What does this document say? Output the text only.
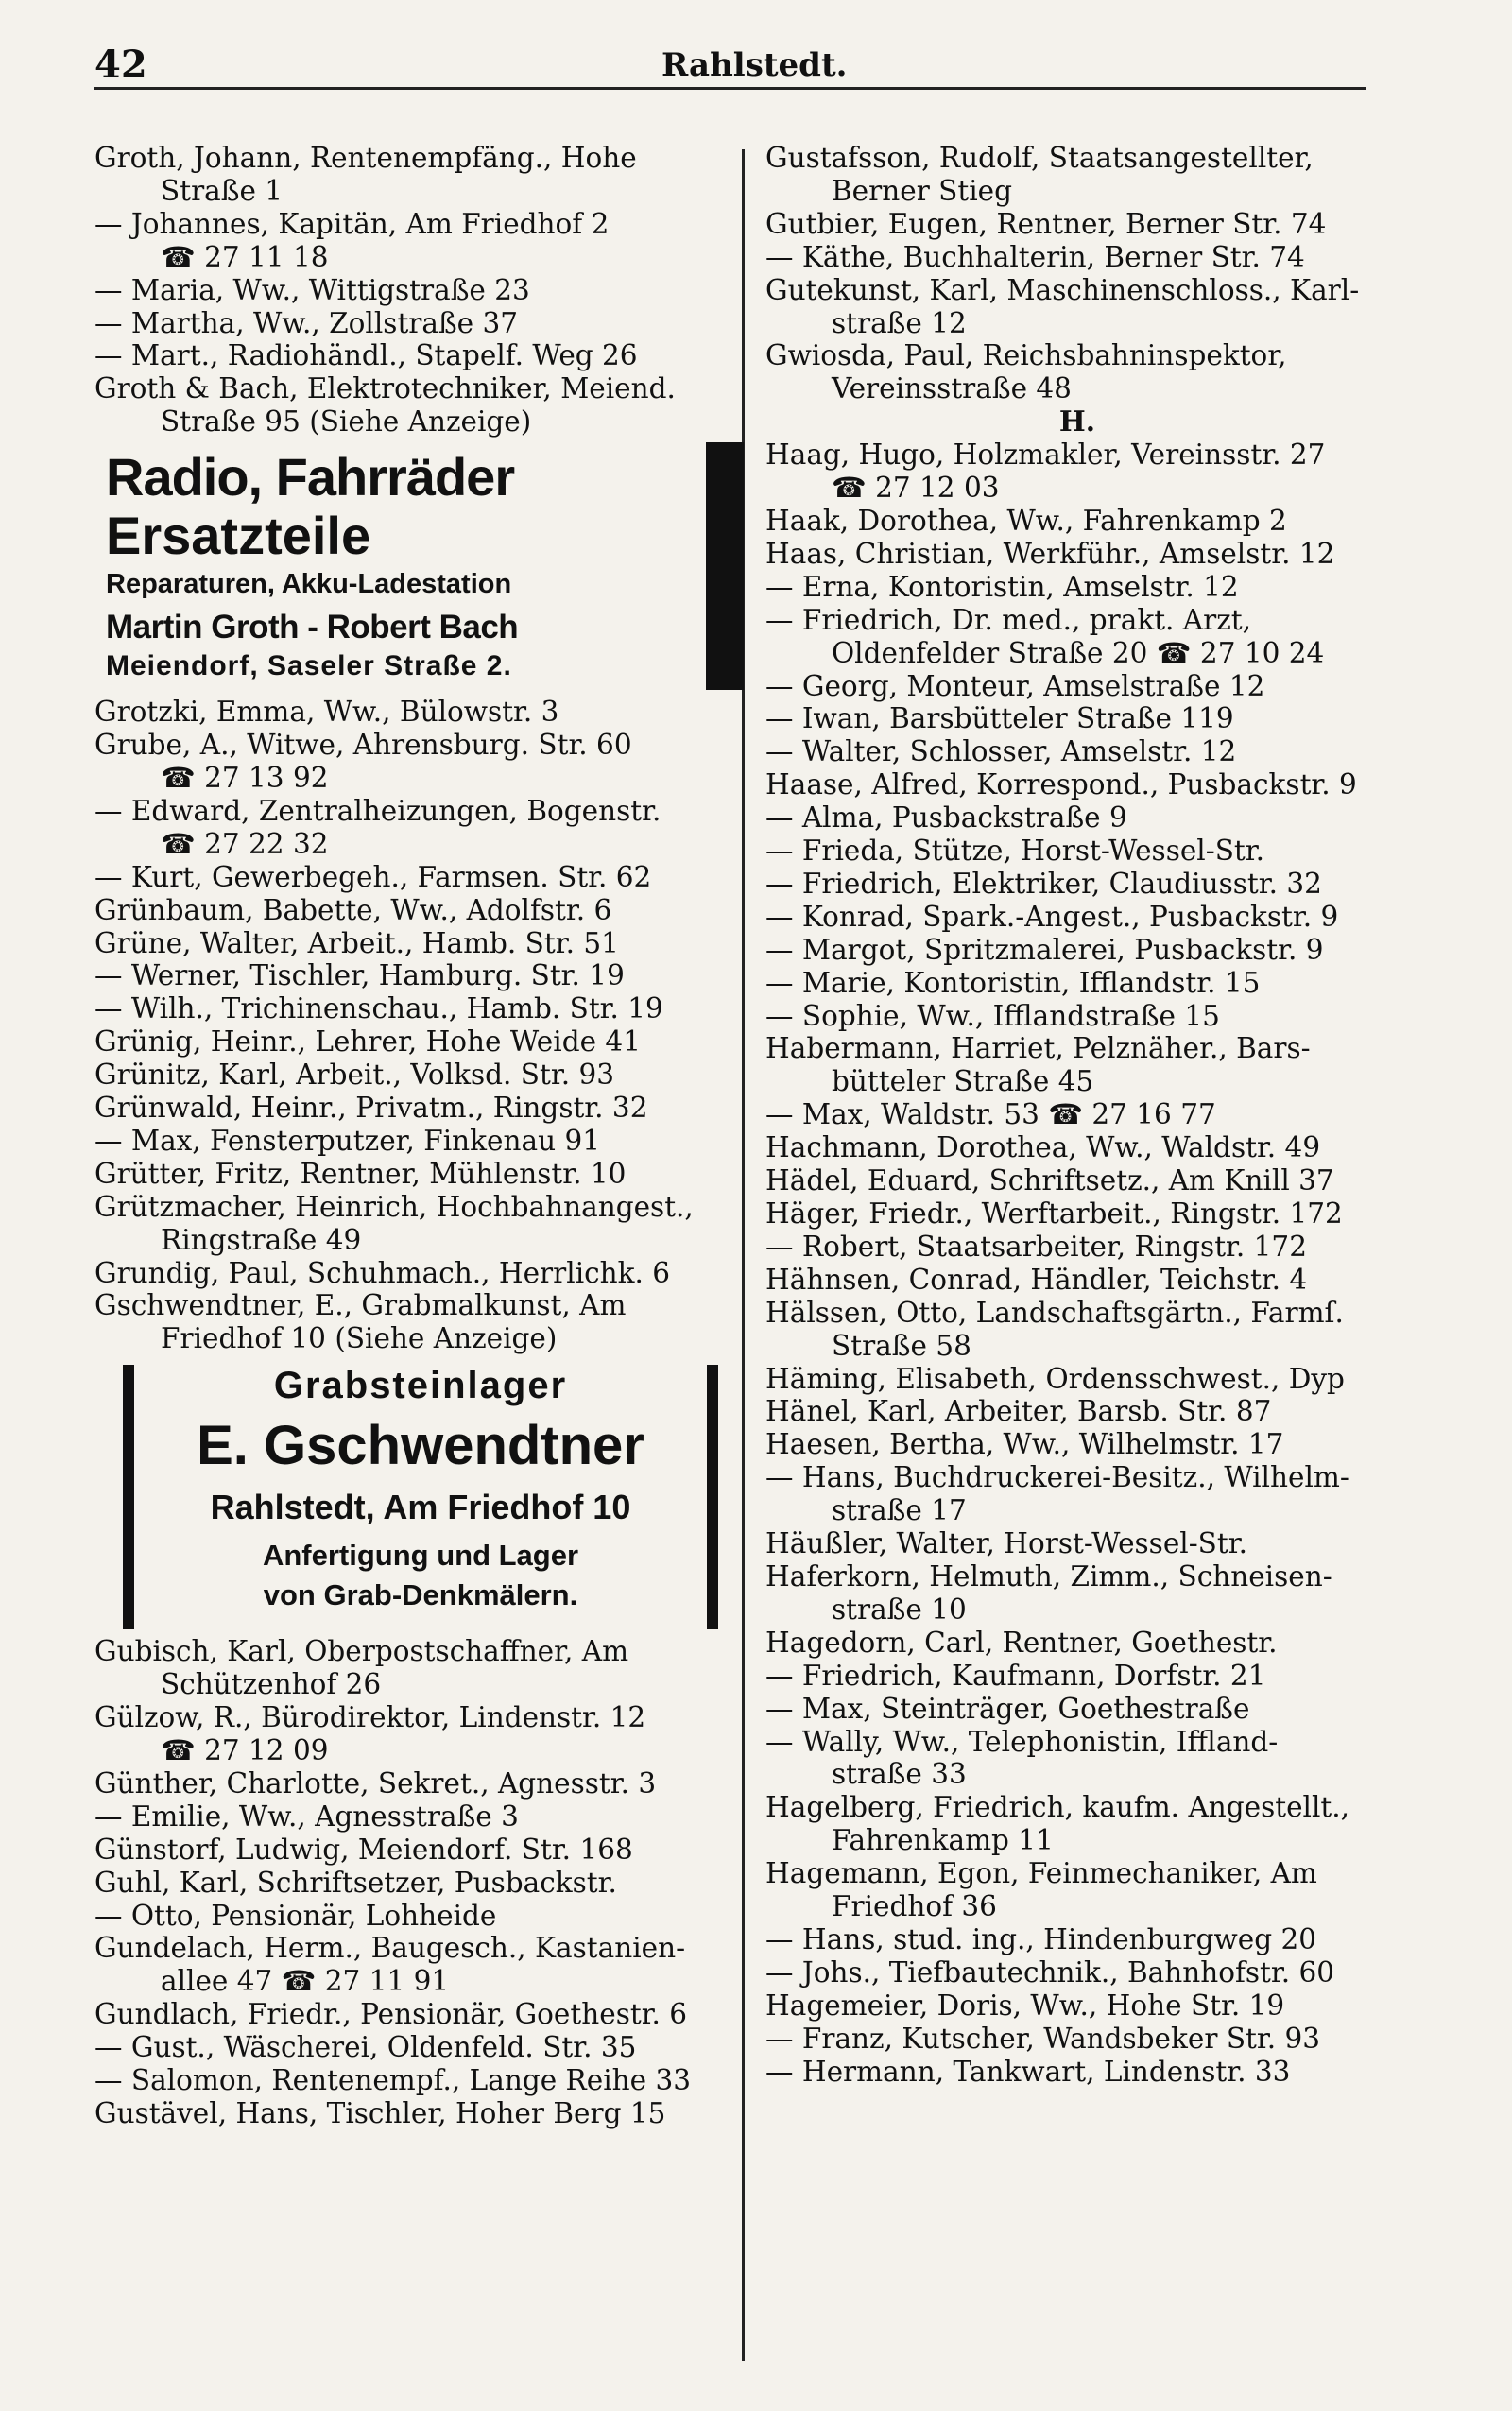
42	Rahlstedt.
Groth, Johann, Rentenempfäng., Hohe
Straße 1
— Johannes, Kapitän, Am Friedhof 2
☎ 27 11 18
— Maria, Ww., Wittigstraße 23
— Martha, Ww., Zollstraße 37
— Mart., Radiohändl., Stapelf. Weg 26
Groth & Bach, Elektrotechniker, Meiend.
Straße 95 (Siehe Anzeige)
Radio, Fahrräder
Ersatzteile
Reparaturen, Akku-Ladestation
Martin Groth - Robert Bach
Meiendorf, Saseler Straße 2.
Grotzki, Emma, Ww., Bülowstr. 3
Grube, A., Witwe, Ahrensburg. Str. 60
☎ 27 13 92
— Edward, Zentralheizungen, Bogenstr.
☎ 27 22 32
— Kurt, Gewerbegeh., Farmsen. Str. 62
Grünbaum, Babette, Ww., Adolfstr. 6
Grüne, Walter, Arbeit., Hamb. Str. 51
— Werner, Tischler, Hamburg. Str. 19
— Wilh., Trichinenschau., Hamb. Str. 19
Grünig, Heinr., Lehrer, Hohe Weide 41
Grünitz, Karl, Arbeit., Volksd. Str. 93
Grünwald, Heinr., Privatm., Ringstr. 32
— Max, Fensterputzer, Finkenau 91
Grütter, Fritz, Rentner, Mühlenstr. 10
Grützmacher, Heinrich, Hochbahnangest.,
Ringstraße 49
Grundig, Paul, Schuhmach., Herrlichk. 6
Gschwendtner, E., Grabmalkunst, Am
Friedhof 10 (Siehe Anzeige)
Grabsteinlager
E. Gschwendtner
Rahlstedt, Am Friedhof 10
Anfertigung und Lager
von Grab-Denkmälern.
Gubisch, Karl, Oberpostschaffner, Am
Schützenhof 26
Gülzow, R., Bürodirektor, Lindenstr. 12
☎ 27 12 09
Günther, Charlotte, Sekret., Agnesstr. 3
— Emilie, Ww., Agnesstraße 3
Günstorf, Ludwig, Meiendorf. Str. 168
Guhl, Karl, Schriftsetzer, Pusbackstr.
— Otto, Pensionär, Lohheide
Gundelach, Herm., Baugesch., Kastanien-
allee 47 ☎ 27 11 91
Gundlach, Friedr., Pensionär, Goethestr. 6
— Gust., Wäscherei, Oldenfeld. Str. 35
— Salomon, Rentenempf., Lange Reihe 33
Gustävel, Hans, Tischler, Hoher Berg 15
Gustafsson, Rudolf, Staatsangestellter,
Berner Stieg
Gutbier, Eugen, Rentner, Berner Str. 74
— Käthe, Buchhalterin, Berner Str. 74
Gutekunst, Karl, Maschinenschloss., Karl-
straße 12
Gwiosda, Paul, Reichsbahninspektor,
Vereinsstraße 48
H.
Haag, Hugo, Holzmakler, Vereinsstr. 27
☎ 27 12 03
Haak, Dorothea, Ww., Fahrenkamp 2
Haas, Christian, Werkführ., Amselstr. 12
— Erna, Kontoristin, Amselstr. 12
— Friedrich, Dr. med., prakt. Arzt,
Oldenfelder Straße 20 ☎ 27 10 24
— Georg, Monteur, Amselstraße 12
— Iwan, Barsbütteler Straße 119
— Walter, Schlosser, Amselstr. 12
Haase, Alfred, Korrespond., Pusbackstr. 9
— Alma, Pusbackstraße 9
— Frieda, Stütze, Horst-Wessel-Str.
— Friedrich, Elektriker, Claudiusstr. 32
— Konrad, Spark.-Angest., Pusbackstr. 9
— Margot, Spritzmalerei, Pusbackstr. 9
— Marie, Kontoristin, Ifflandstr. 15
— Sophie, Ww., Ifflandstraße 15
Habermann, Harriet, Pelznäher., Bars-
bütteler Straße 45
— Max, Waldstr. 53 ☎ 27 16 77
Hachmann, Dorothea, Ww., Waldstr. 49
Hädel, Eduard, Schriftsetz., Am Knill 37
Häger, Friedr., Werftarbeit., Ringstr. 172
— Robert, Staatsarbeiter, Ringstr. 172
Hähnsen, Conrad, Händler, Teichstr. 4
Hälssen, Otto, Landschaftsgärtn., Farmſ.
Straße 58
Häming, Elisabeth, Ordensschwest., Dyp
Hänel, Karl, Arbeiter, Barsb. Str. 87
Haesen, Bertha, Ww., Wilhelmstr. 17
— Hans, Buchdruckerei-Besitz., Wilhelm-
straße 17
Häußler, Walter, Horst-Wessel-Str.
Haferkorn, Helmuth, Zimm., Schneisen-
straße 10
Hagedorn, Carl, Rentner, Goethestr.
— Friedrich, Kaufmann, Dorfstr. 21
— Max, Steinträger, Goethestraße
— Wally, Ww., Telephonistin, Iffland-
straße 33
Hagelberg, Friedrich, kaufm. Angestellt.,
Fahrenkamp 11
Hagemann, Egon, Feinmechaniker, Am
Friedhof 36
— Hans, stud. ing., Hindenburgweg 20
— Johs., Tiefbautechnik., Bahnhofstr. 60
Hagemeier, Doris, Ww., Hohe Str. 19
— Franz, Kutscher, Wandsbeker Str. 93
— Hermann, Tankwart, Lindenstr. 33
